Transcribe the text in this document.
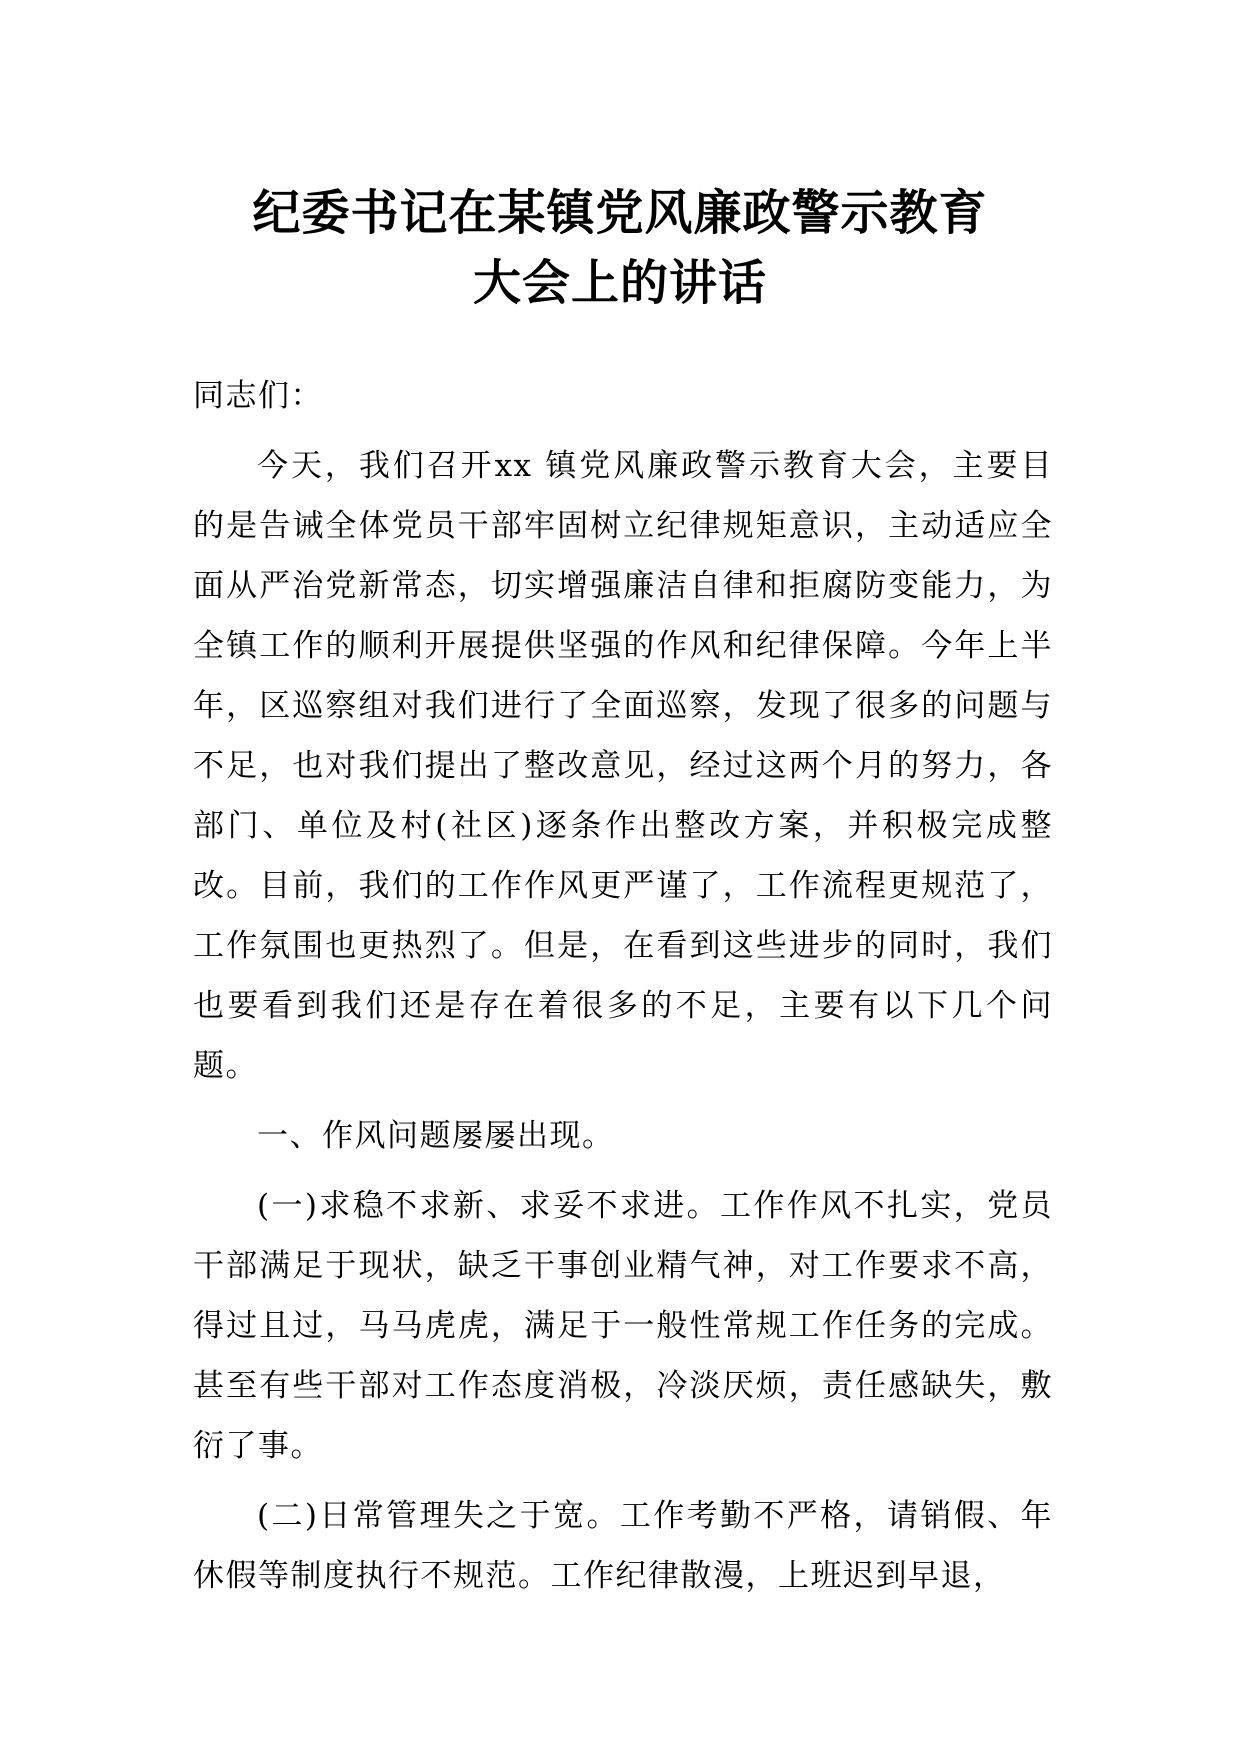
纪委书记在某镇党风廉政警示教育
大会上的讲话

同志们：

今天，我们召开xx 镇党风廉政警示教育大会，主要目的是告诫全体党员干部牢固树立纪律规矩意识，主动适应全面从严治党新常态，切实增强廉洁自律和拒腐防变能力，为全镇工作的顺利开展提供坚强的作风和纪律保障。今年上半年，区巡察组对我们进行了全面巡察，发现了很多的问题与不足，也对我们提出了整改意见，经过这两个月的努力，各部门、单位及村(社区)逐条作出整改方案，并积极完成整改。目前，我们的工作作风更严谨了，工作流程更规范了，工作氛围也更热烈了。但是，在看到这些进步的同时，我们也要看到我们还是存在着很多的不足，主要有以下几个问题。

一、作风问题屡屡出现。

(一)求稳不求新、求妥不求进。工作作风不扎实，党员干部满足于现状，缺乏干事创业精气神，对工作要求不高，得过且过，马马虎虎，满足于一般性常规工作任务的完成。甚至有些干部对工作态度消极，冷淡厌烦，责任感缺失，敷衍了事。

(二)日常管理失之于宽。工作考勤不严格，请销假、年休假等制度执行不规范。工作纪律散漫，上班迟到早退，
